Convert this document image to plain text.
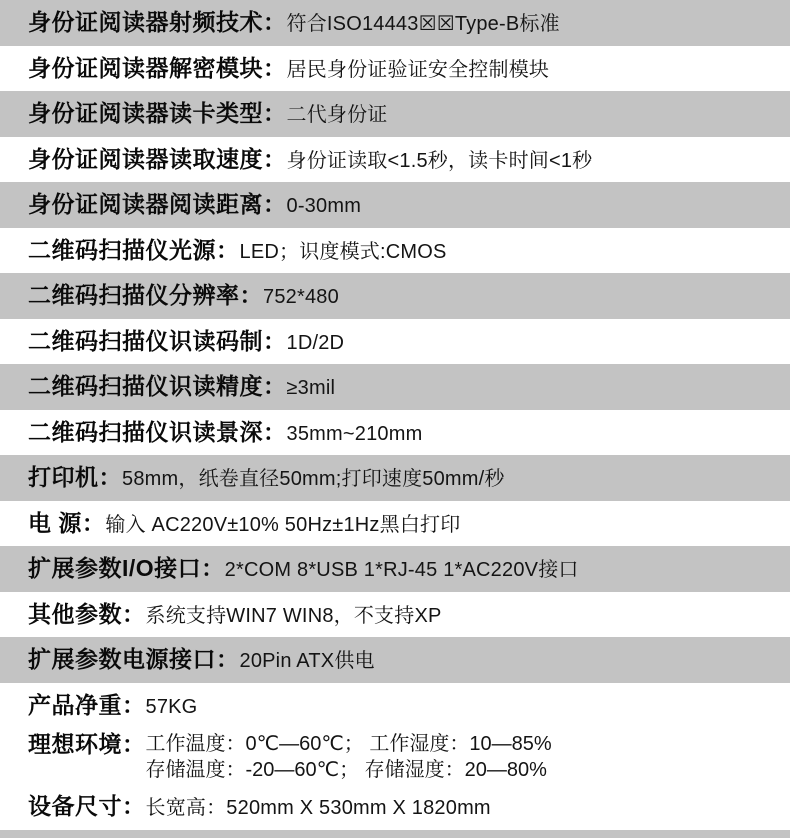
身份证阅读器射频技术：符合ISO14443☒☒Type-B标准
身份证阅读器解密模块：居民身份证验证安全控制模块
身份证阅读器读卡类型：二代身份证
身份证阅读器读取速度：身份证读取<1.5秒，读卡时间<1秒
身份证阅读器阅读距离：0-30mm
二维码扫描仪光源：LED；识度模式:CMOS
二维码扫描仪分辨率：752*480
二维码扫描仪识读码制：1D/2D
二维码扫描仪识读精度：≥3mil
二维码扫描仪识读景深：35mm~210mm
打印机：58mm，纸卷直径50mm;打印速度50mm/秒
电 源：输入 AC220V±10% 50Hz±1Hz黑白打印
扩展参数I/O接口：2*COM 8*USB 1*RJ-45 1*AC220V接口
其他参数：系统支持WIN7 WIN8，不支持XP
扩展参数电源接口：20Pin ATX供电
产品净重：57KG
理想环境： 工作温度：0℃—60℃； 工作湿度：10—85%
存储温度：-20—60℃； 存储湿度：20—80%
设备尺寸：长宽高：520mm X 530mm X 1820mm
